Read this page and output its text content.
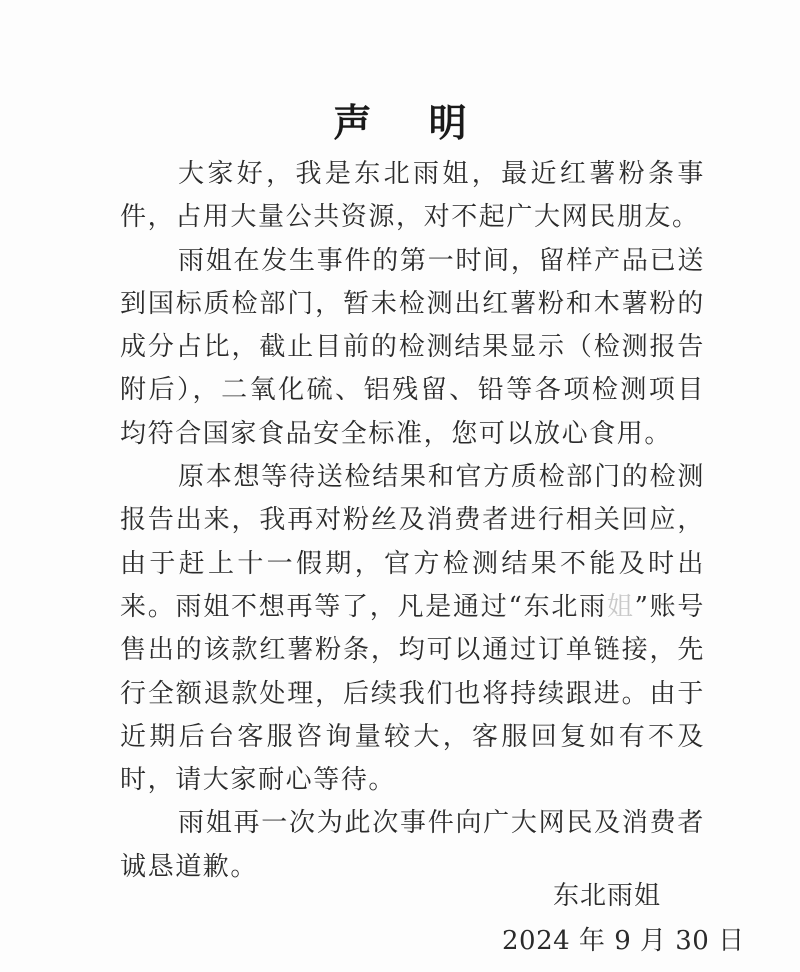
声 明

大家好，我是东北雨姐，最近红薯粉条事件，占用大量公共资源，对不起广大网民朋友。

雨姐在发生事件的第一时间，留样产品已送到国标质检部门，暂未检测出红薯粉和木薯粉的成分占比，截止目前的检测结果显示（检测报告附后），二氧化硫、铝残留、铅等各项检测项目均符合国家食品安全标准，您可以放心食用。

原本想等待送检结果和官方质检部门的检测报告出来，我再对粉丝及消费者进行相关回应，由于赶上十一假期，官方检测结果不能及时出来。雨姐不想再等了，凡是通过“东北雨姐”账号售出的该款红薯粉条，均可以通过订单链接，先行全额退款处理，后续我们也将持续跟进。由于近期后台客服咨询量较大，客服回复如有不及时，请大家耐心等待。

雨姐再一次为此次事件向广大网民及消费者诚恳道歉。

东北雨姐
2024 年 9 月 30 日
